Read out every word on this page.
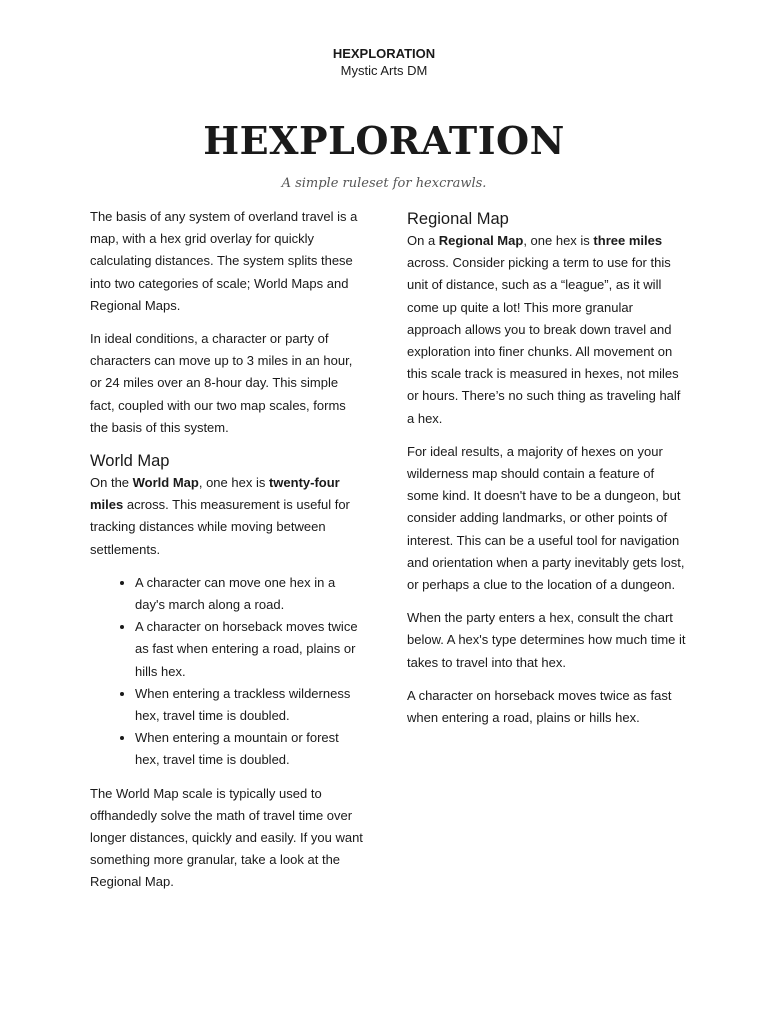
HEXPLORATION
Mystic Arts DM
HEXPLORATION
A simple ruleset for hexcrawls.

The basis of any system of overland travel is a map, with a hex grid overlay for quickly calculating distances. The system splits these into two categories of scale; World Maps and Regional Maps.

In ideal conditions, a character or party of characters can move up to 3 miles in an hour, or 24 miles over an 8-hour day. This simple fact, coupled with our two map scales, forms the basis of this system.

World Map

On the World Map, one hex is twenty-four miles across. This measurement is useful for tracking distances while moving between settlements.

• A character can move one hex in a day's march along a road.
• A character on horseback moves twice as fast when entering a road, plains or hills hex.
• When entering a trackless wilderness hex, travel time is doubled.
• When entering a mountain or forest hex, travel time is doubled.

The World Map scale is typically used to offhandedly solve the math of travel time over longer distances, quickly and easily. If you want something more granular, take a look at the Regional Map.

Regional Map

On a Regional Map, one hex is three miles across. Consider picking a term to use for this unit of distance, such as a “league”, as it will come up quite a lot! This more granular approach allows you to break down travel and exploration into finer chunks. All movement on this scale track is measured in hexes, not miles or hours. There’s no such thing as traveling half a hex.

For ideal results, a majority of hexes on your wilderness map should contain a feature of some kind. It doesn't have to be a dungeon, but consider adding landmarks, or other points of interest. This can be a useful tool for navigation and orientation when a party inevitably gets lost, or perhaps a clue to the location of a dungeon.

When the party enters a hex, consult the chart below. A hex's type determines how much time it takes to travel into that hex.

A character on horseback moves twice as fast when entering a road, plains or hills hex.
